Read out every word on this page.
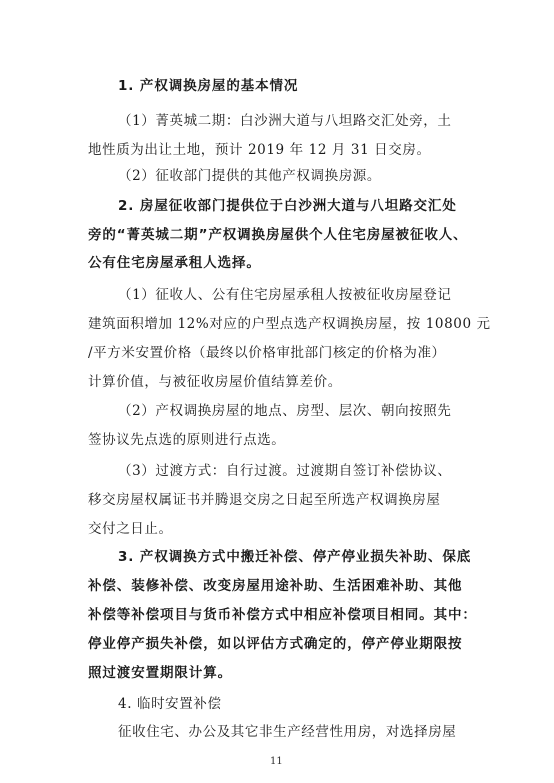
1. 产权调换房屋的基本情况
（1）菁英城二期：白沙洲大道与八坦路交汇处旁，土
地性质为出让土地，预计 2019 年 12 月 31 日交房。
（2）征收部门提供的其他产权调换房源。
2. 房屋征收部门提供位于白沙洲大道与八坦路交汇处
旁的“菁英城二期”产权调换房屋供个人住宅房屋被征收人、
公有住宅房屋承租人选择。
（1）征收人、公有住宅房屋承租人按被征收房屋登记
建筑面积增加 12%对应的户型点选产权调换房屋，按 10800 元
/平方米安置价格（最终以价格审批部门核定的价格为准）
计算价值，与被征收房屋价值结算差价。
（2）产权调换房屋的地点、房型、层次、朝向按照先
签协议先点选的原则进行点选。
（3）过渡方式：自行过渡。过渡期自签订补偿协议、
移交房屋权属证书并腾退交房之日起至所选产权调换房屋
交付之日止。
3. 产权调换方式中搬迁补偿、停产停业损失补助、保底
补偿、装修补偿、改变房屋用途补助、生活困难补助、其他
补偿等补偿项目与货币补偿方式中相应补偿项目相同。其中：
停业停产损失补偿，如以评估方式确定的，停产停业期限按
照过渡安置期限计算。
4. 临时安置补偿
征收住宅、办公及其它非生产经营性用房，对选择房屋
11
